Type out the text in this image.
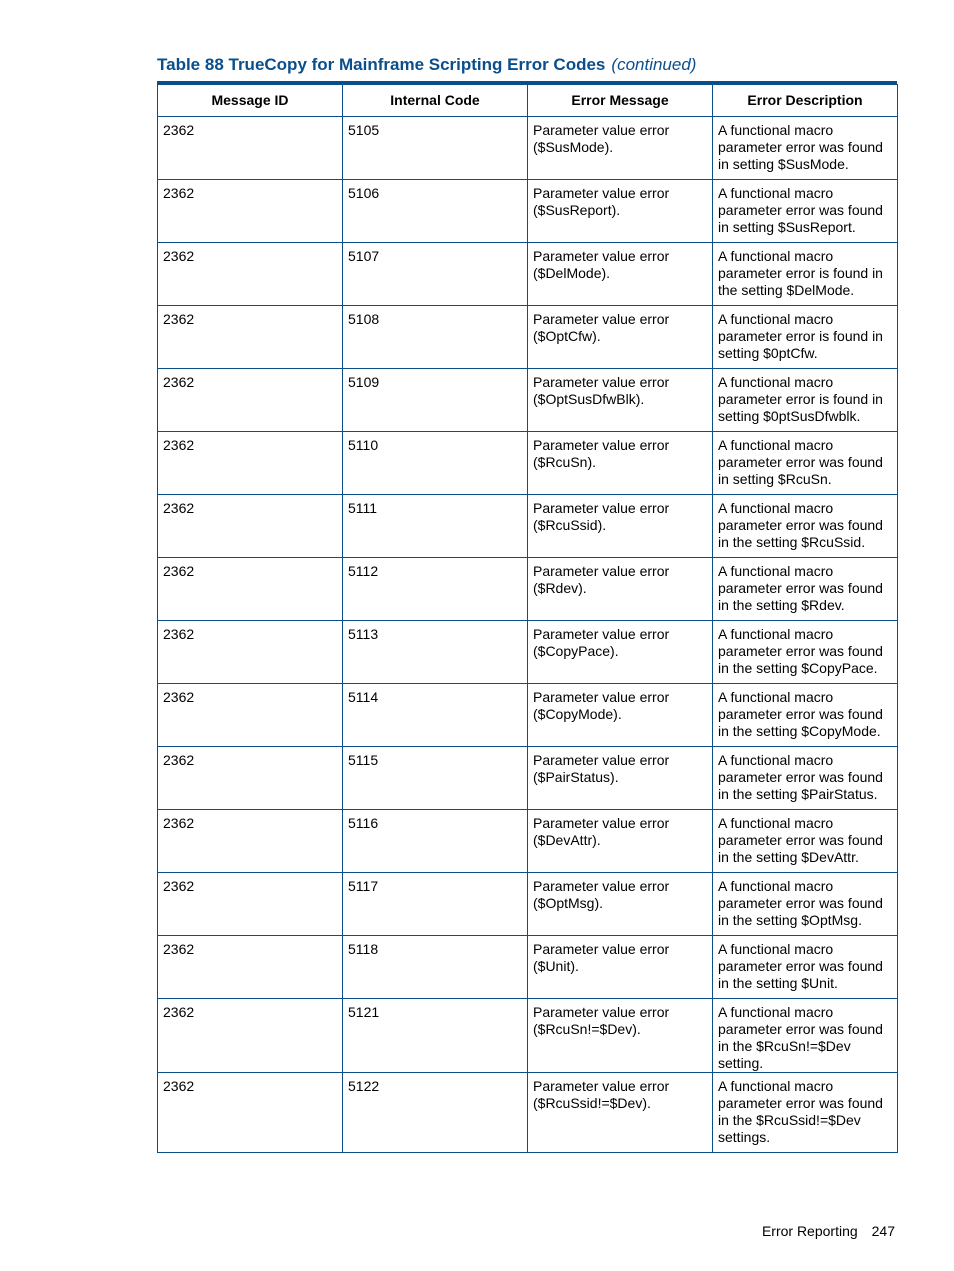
Table 88 TrueCopy for Mainframe Scripting Error Codes (continued)
Message ID	Internal Code	Error Message	Error Description
2362	5105	Parameter value error ($SusMode).	A functional macro parameter error was found in setting $SusMode.
2362	5106	Parameter value error ($SusReport).	A functional macro parameter error was found in setting $SusReport.
2362	5107	Parameter value error ($DelMode).	A functional macro parameter error is found in the setting $DelMode.
2362	5108	Parameter value error ($OptCfw).	A functional macro parameter error is found in setting $0ptCfw.
2362	5109	Parameter value error ($OptSusDfwBlk).	A functional macro parameter error is found in setting $0ptSusDfwblk.
2362	5110	Parameter value error ($RcuSn).	A functional macro parameter error was found in setting $RcuSn.
2362	5111	Parameter value error ($RcuSsid).	A functional macro parameter error was found in the setting $RcuSsid.
2362	5112	Parameter value error ($Rdev).	A functional macro parameter error was found in the setting $Rdev.
2362	5113	Parameter value error ($CopyPace).	A functional macro parameter error was found in the setting $CopyPace.
2362	5114	Parameter value error ($CopyMode).	A functional macro parameter error was found in the setting $CopyMode.
2362	5115	Parameter value error ($PairStatus).	A functional macro parameter error was found in the setting $PairStatus.
2362	5116	Parameter value error ($DevAttr).	A functional macro parameter error was found in the setting $DevAttr.
2362	5117	Parameter value error ($OptMsg).	A functional macro parameter error was found in the setting $OptMsg.
2362	5118	Parameter value error ($Unit).	A functional macro parameter error was found in the setting $Unit.
2362	5121	Parameter value error ($RcuSn!=$Dev).	A functional macro parameter error was found in the $RcuSn!=$Dev setting.
2362	5122	Parameter value error ($RcuSsid!=$Dev).	A functional macro parameter error was found in the $RcuSsid!=$Dev settings.
Error Reporting 247
